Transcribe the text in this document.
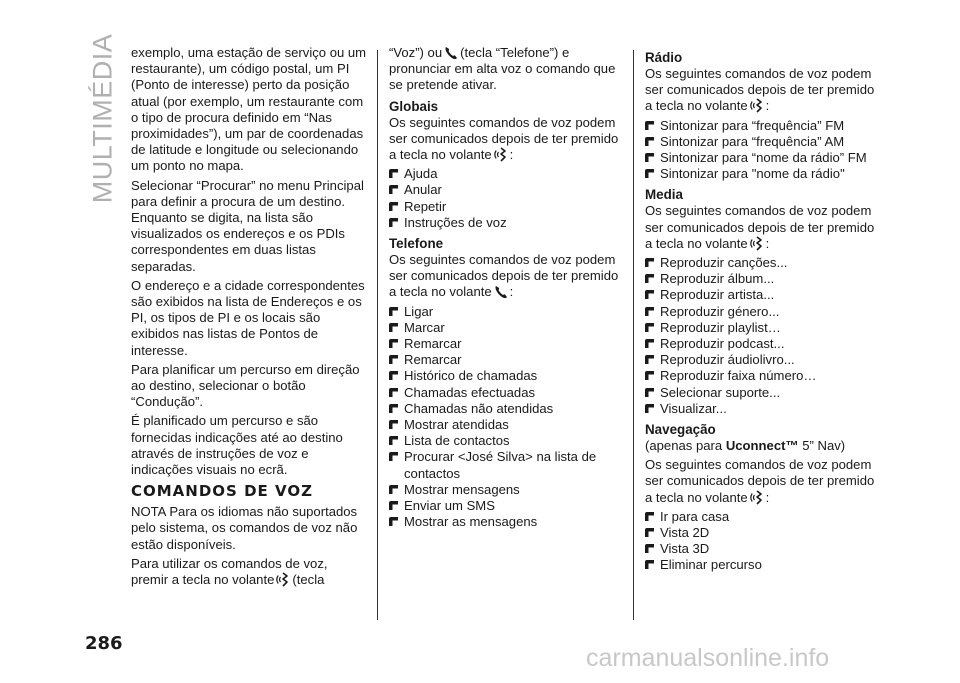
MULTIMÉDIA exemplo, uma estação de serviço ou um restaurante), um código postal, um PI (Ponto de interesse) perto da posição atual (por exemplo, um restaurante com o tipo de procura definido em “Nas proximidades”), um par de coordenadas de latitude e longitude ou selecionando um ponto no mapa.

Selecionar “Procurar” no menu Principal para definir a procura de um destino. Enquanto se digita, na lista são visualizados os endereços e os PDIs correspondentes em duas listas separadas.

O endereço e a cidade correspondentes são exibidos na lista de Endereços e os PI, os tipos de PI e os locais são exibidos nas listas de Pontos de interesse.

Para planificar um percurso em direção ao destino, selecionar o botão “Condução”.

É planificado um percurso e são fornecidas indicações até ao destino através de instruções de voz e indicações visuais no ecrã.

COMANDOS DE VOZ

NOTA Para os idiomas não suportados pelo sistema, os comandos de voz não estão disponíveis.

Para utilizar os comandos de voz, premir a tecla no volante (tecla

“Voz”) ou (tecla “Telefone”) e pronunciar em alta voz o comando que se pretende ativar.

Globais

Os seguintes comandos de voz podem ser comunicados depois de ter premido a tecla no volante :

Ajuda
Anular
Repetir
Instruções de voz
Telefone

Os seguintes comandos de voz podem ser comunicados depois de ter premido a tecla no volante :

Ligar
Marcar
Remarcar
Remarcar
Histórico de chamadas
Chamadas efectuadas
Chamadas não atendidas
Mostrar atendidas
Lista de contactos
Procurar <José Silva> na lista de contactos
Mostrar mensagens
Enviar um SMS
Mostrar as mensagens
Rádio

Os seguintes comandos de voz podem ser comunicados depois de ter premido a tecla no volante :

Sintonizar para “frequência” FM
Sintonizar para “frequência” AM
Sintonizar para “nome da rádio” FM
Sintonizar para "nome da rádio"
Media

Os seguintes comandos de voz podem ser comunicados depois de ter premido a tecla no volante :

Reproduzir canções...
Reproduzir álbum...
Reproduzir artista...
Reproduzir género...
Reproduzir playlist…
Reproduzir podcast...
Reproduzir áudiolivro...
Reproduzir faixa número…
Selecionar suporte...
Visualizar...
Navegação

(apenas para Uconnect™ 5” Nav)

Os seguintes comandos de voz podem ser comunicados depois de ter premido a tecla no volante :

Ir para casa
Vista 2D
Vista 3D
Eliminar percurso
286
carmanualsonline.info
